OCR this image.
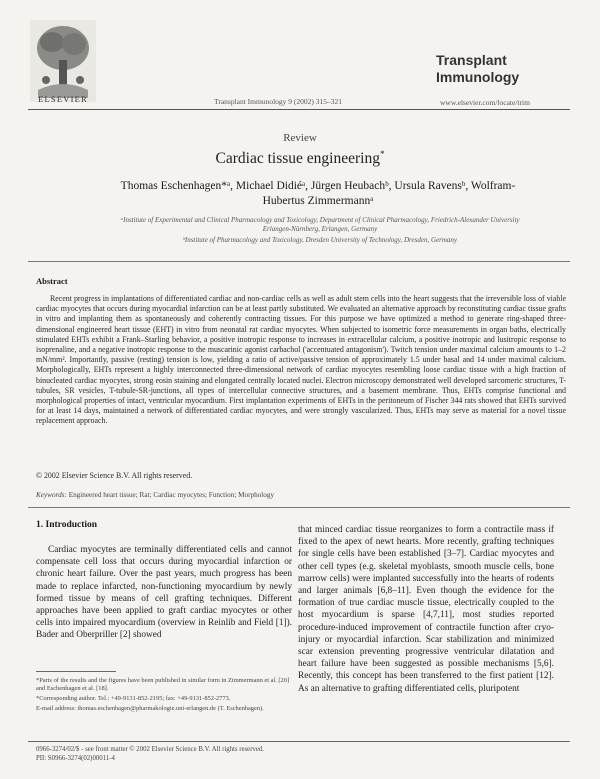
ELSEVIER
Transplant Immunology
Transplant Immunology 9 (2002) 315–321	www.elsevier.com/locate/trim
Review
Cardiac tissue engineering*
Thomas Eschenhagen*ᵃ, Michael Didiéᵃ, Jürgen Heubachᵇ, Ursula Ravensᵇ, Wolfram-
Hubertus Zimmermannᵃ
ᵃInstitute of Experimental and Clinical Pharmacology and Toxicology, Department of Clinical Pharmacology, Friedrich-Alexander University Erlangen-Nürnberg, Erlangen, Germany
ᵇInstitute of Pharmacology and Toxicology, Dresden University of Technology, Dresden, Germany
Abstract

Recent progress in implantations of differentiated cardiac and non-cardiac cells as well as adult stem cells into the heart suggests that the irreversible loss of viable cardiac myocytes that occurs during myocardial infarction can be at least partly substituted. We evaluated an alternative approach by reconstituting cardiac tissue grafts in vitro and implanting them as spontaneously and coherently contracting tissues. For this purpose we have optimized a method to generate ring-shaped three-dimensional engineered heart tissue (EHT) in vitro from neonatal rat cardiac myocytes. When subjected to isometric force measurements in organ baths, electrically stimulated EHTs exhibit a Frank–Starling behavior, a positive inotropic response to increases in extracellular calcium, a positive inotropic and lusitropic response to isoprenaline, and a negative inotropic response to the muscarinic agonist carbachol ('accentuated antagonism'). Twitch tension under maximal calcium amounts to 1–2 mN/mm². Importantly, passive (resting) tension is low, yielding a ratio of active/passive tension of approximately 1.5 under basal and 14 under maximal calcium. Morphologically, EHTs represent a highly interconnected three-dimensional network of cardiac myocytes resembling loose cardiac tissue with a high fraction of binucleated cardiac myocytes, strong eosin staining and elongated centrally located nuclei. Electron microscopy demonstrated well developed sarcomeric structures, T-tubules, SR vesicles, T-tubule-SR-junctions, all types of intercellular connective structures, and a basement membrane. Thus, EHTs comprise functional and morphological properties of intact, ventricular myocardium. First implantation experiments of EHTs in the peritoneum of Fischer 344 rats showed that EHTs survived for at least 14 days, maintained a network of differentiated cardiac myocytes, and were strongly vascularized. Thus, EHTs may serve as material for a novel tissue replacement approach.

© 2002 Elsevier Science B.V. All rights reserved.
Keywords: Engineered heart tissue; Rat; Cardiac myocytes; Function; Morphology
1. Introduction

Cardiac myocytes are terminally differentiated cells and cannot compensate cell loss that occurs during myocardial infarction or chronic heart failure. Over the past years, much progress has been made to replace infarcted, non-functioning myocardium by newly formed tissue by means of cell grafting techniques. Different approaches have been applied to graft cardiac myocytes or other cells into impaired myocardium (overview in Reinlib and Field [1]). Bader and Oberpriller [2] showed

that minced cardiac tissue reorganizes to form a contractile mass if fixed to the apex of newt hearts. More recently, grafting techniques for single cells have been established [3–7]. Cardiac myocytes and other cell types (e.g. skeletal myoblasts, smooth muscle cells, bone marrow cells) were implanted successfully into the hearts of rodents and larger animals [6,8–11]. Even though the evidence for the formation of true cardiac muscle tissue, electrically coupled to the host myocardium is sparse [4,7,11], most studies reported procedure-induced improvement of contractile function after cryo-injury or myocardial infarction. Scar stabilization and minimized scar extension preventing progressive ventricular dilatation and heart failure have been suggested as possible mechanisms [5,6]. Recently, this concept has been transferred to the first patient [12]. As an alternative to grafting differentiated cells, pluripotent

*Parts of the results and the figures have been published in similar form in Zimmermann et al. [20] and Eschenhagen et al. [18].

*Corresponding author. Tel.: +49-9131-852-2195; fax: +49-9131-852-2773.

E-mail address: thomas.eschenhagen@pharmakologie.uni-erlangen.de (T. Eschenhagen).

0966-3274/02/$ - see front matter © 2002 Elsevier Science B.V. All rights reserved.
PII: S0966-3274(02)00011-4
